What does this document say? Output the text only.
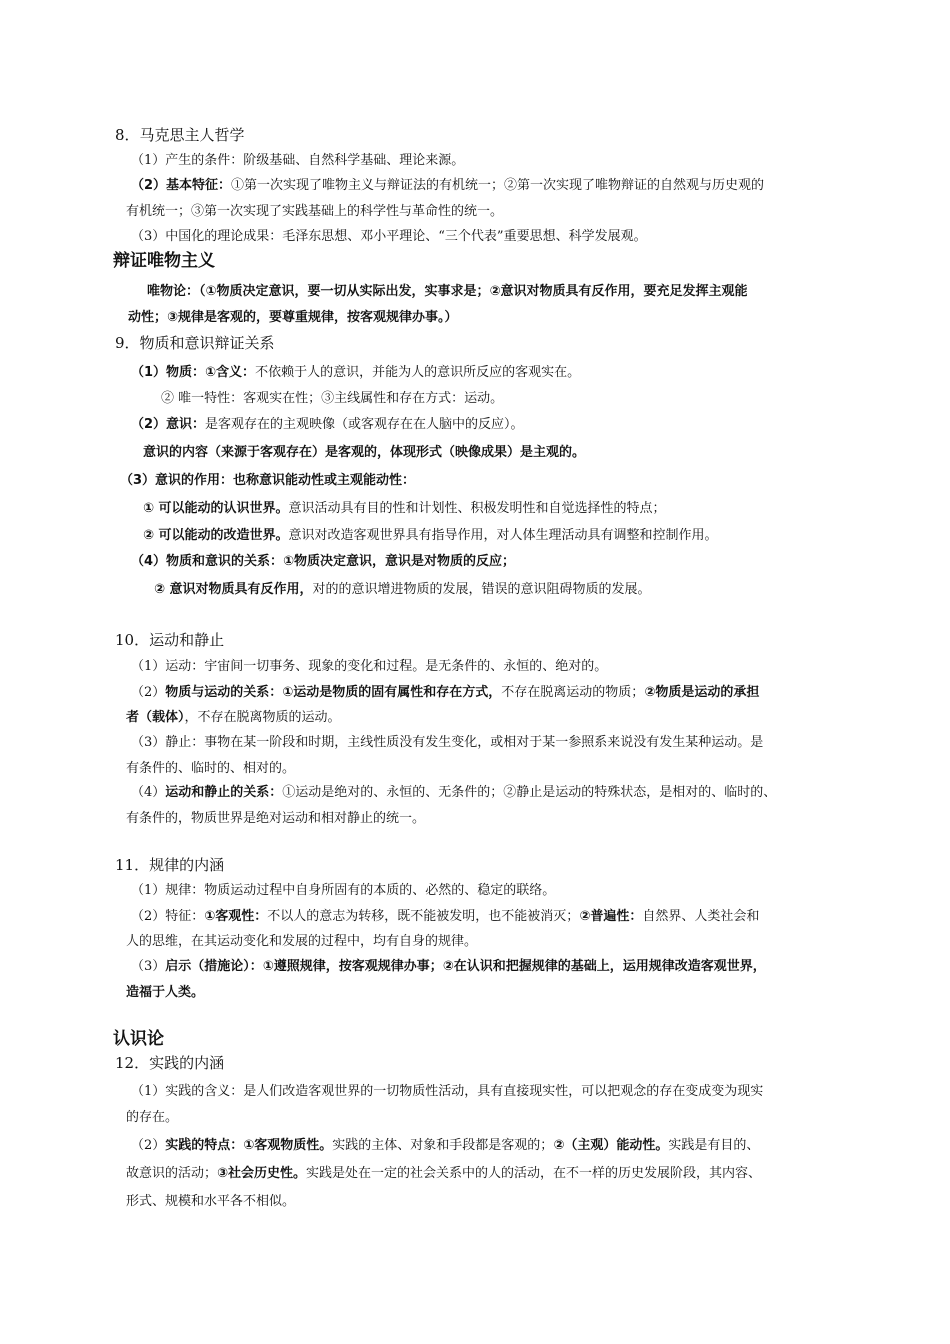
8．马克思主人哲学
（1）产生的条件：阶级基础、自然科学基础、理论来源。
（2）基本特征：①第一次实现了唯物主义与辩证法的有机统一；②第一次实现了唯物辩证的自然观与历史观的
有机统一；③第一次实现了实践基础上的科学性与革命性的统一。
（3）中国化的理论成果：毛泽东思想、邓小平理论、“三个代表”重要思想、科学发展观。
辩证唯物主义
唯物论：（①物质决定意识，要一切从实际出发，实事求是；②意识对物质具有反作用，要充足发挥主观能
动性；③规律是客观的，要尊重规律，按客观规律办事。）
9．物质和意识辩证关系
（1）物质：①含义：不依赖于人的意识，并能为人的意识所反应的客观实在。
② 唯一特性：客观实在性；③主线属性和存在方式：运动。
（2）意识：是客观存在的主观映像（或客观存在在人脑中的反应）。
意识的内容（来源于客观存在）是客观的，体现形式（映像成果）是主观的。
（3）意识的作用：也称意识能动性或主观能动性：
① 可以能动的认识世界。意识活动具有目的性和计划性、积极发明性和自觉选择性的特点；
② 可以能动的改造世界。意识对改造客观世界具有指导作用，对人体生理活动具有调整和控制作用。
（4）物质和意识的关系：①物质决定意识，意识是对物质的反应；
② 意识对物质具有反作用，对的的意识增进物质的发展，错误的意识阻碍物质的发展。
10．运动和静止
（1）运动：宇宙间一切事务、现象的变化和过程。是无条件的、永恒的、绝对的。
（2）物质与运动的关系：①运动是物质的固有属性和存在方式，不存在脱离运动的物质；②物质是运动的承担
者（载体），不存在脱离物质的运动。
（3）静止：事物在某一阶段和时期，主线性质没有发生变化，或相对于某一参照系来说没有发生某种运动。是
有条件的、临时的、相对的。
（4）运动和静止的关系：①运动是绝对的、永恒的、无条件的；②静止是运动的特殊状态，是相对的、临时的、
有条件的，物质世界是绝对运动和相对静止的统一。
11．规律的内涵
（1）规律：物质运动过程中自身所固有的本质的、必然的、稳定的联络。
（2）特征：①客观性：不以人的意志为转移，既不能被发明，也不能被消灭；②普遍性：自然界、人类社会和
人的思维，在其运动变化和发展的过程中，均有自身的规律。
（3）启示（措施论）：①遵照规律，按客观规律办事；②在认识和把握规律的基础上，运用规律改造客观世界，
造福于人类。
认识论
12．实践的内涵
（1）实践的含义：是人们改造客观世界的一切物质性活动，具有直接现实性，可以把观念的存在变成变为现实
的存在。
（2）实践的特点：①客观物质性。实践的主体、对象和手段都是客观的；②（主观）能动性。实践是有目的、
故意识的活动；③社会历史性。实践是处在一定的社会关系中的人的活动，在不一样的历史发展阶段，其内容、
形式、规模和水平各不相似。
